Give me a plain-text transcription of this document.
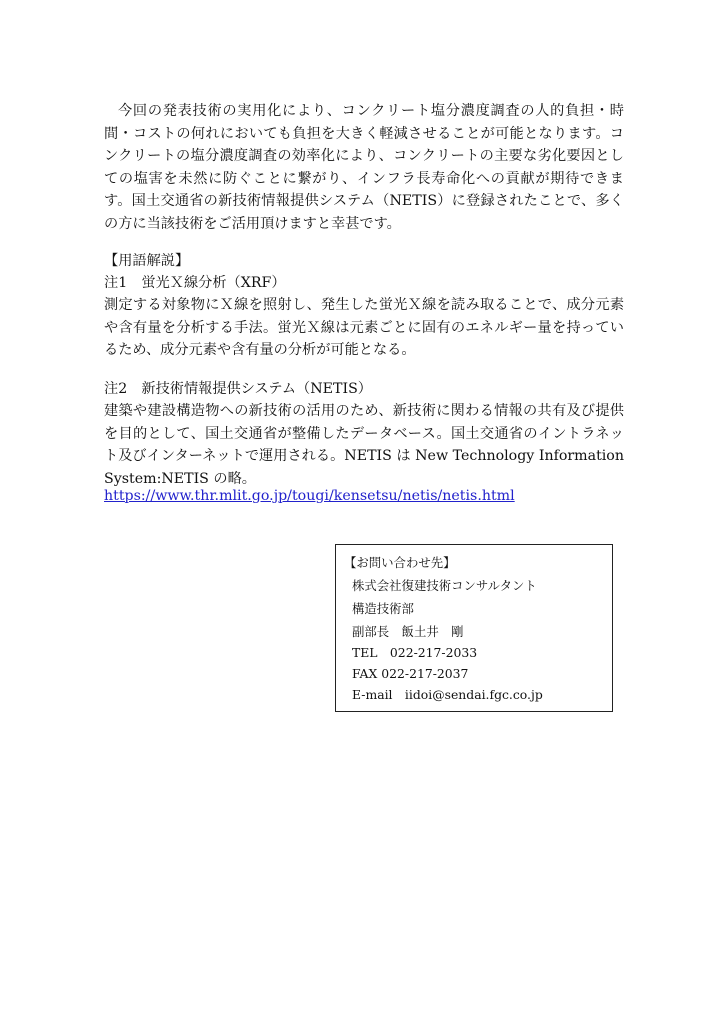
今回の発表技術の実用化により、コンクリート塩分濃度調査の人的負担・時間・コストの何れにおいても負担を大きく軽減させることが可能となります。コンクリートの塩分濃度調査の効率化により、コンクリートの主要な劣化要因としての塩害を未然に防ぐことに繋がり、インフラ長寿命化への貢献が期待できます。国土交通省の新技術情報提供システム（NETIS）に登録されたことで、多くの方に当該技術をご活用頂けますと幸甚です。

【用語解説】

注1　蛍光Ｘ線分析（XRF）

測定する対象物にＸ線を照射し、発生した蛍光Ｘ線を読み取ることで、成分元素や含有量を分析する手法。蛍光Ｘ線は元素ごとに固有のエネルギー量を持っているため、成分元素や含有量の分析が可能となる。

注2　新技術情報提供システム（NETIS）

建築や建設構造物への新技術の活用のため、新技術に関わる情報の共有及び提供を目的として、国土交通省が整備したデータベース。国土交通省のイントラネット及びインターネットで運用される。NETIS は New Technology Information System:NETIS の略。

https://www.thr.mlit.go.jp/tougi/kensetsu/netis/netis.html

【お問い合わせ先】

株式会社復建技術コンサルタント

構造技術部

副部長　飯土井　剛

TEL　022-217-2033

FAX 022-217-2037

E-mail　iidoi@sendai.fgc.co.jp
